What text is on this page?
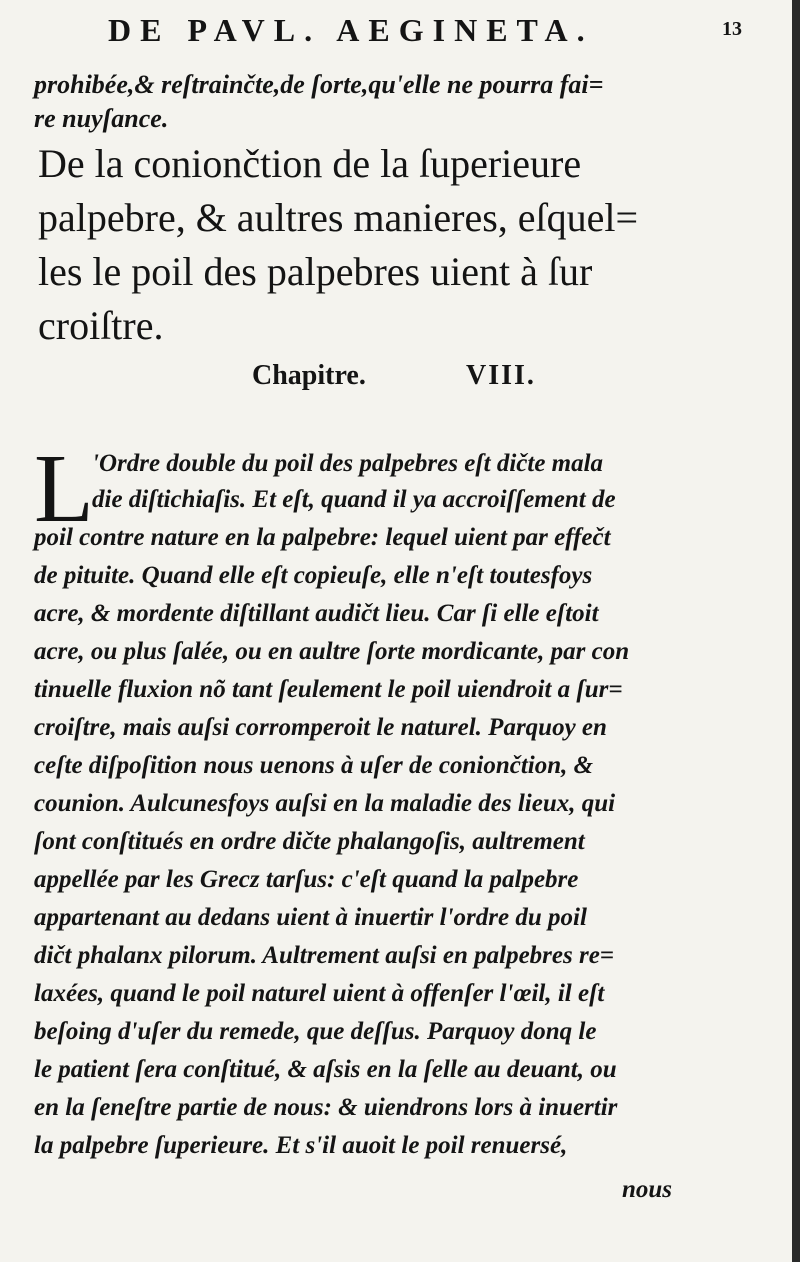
DE PAVL. AEGINETA.	13
prohibée,& reſtrainčte,de ſorte,qu'elle ne pourra fai=
re nuyſance.
De la coniončtion de la ſuperieure
palpebre, & aultres manieres, eſquel=
les le poil des palpebres uient à ſur
croiſtre.
Chapitre.	VIII.
L
'Ordre double du poil des palpebres eſt dičte mala
die diſtichiaſis. Et eſt, quand il ya accroiſſement de
poil contre nature en la palpebre: lequel uient par effečt
de pituite. Quand elle eſt copieuſe, elle n'eſt toutesfoys
acre, & mordente diſtillant audičt lieu. Car ſi elle eſtoit
acre, ou plus ſalée, ou en aultre ſorte mordicante, par con
tinuelle fluxion nõ tant ſeulement le poil uiendroit a ſur=
croiſtre, mais auſsi corromperoit le naturel. Parquoy en
ceſte diſpoſition nous uenons à uſer de coniončtion, &
counion. Aulcunesfoys auſsi en la maladie des lieux, qui
ſont conſtitués en ordre dičte phalangoſis, aultrement
appellée par les Grecz tarſus: c'eſt quand la palpebre
appartenant au dedans uient à inuertir l'ordre du poil
dičt phalanx pilorum. Aultrement auſsi en palpebres re=
laxées, quand le poil naturel uient à offenſer l'œil, il eſt
beſoing d'uſer du remede, que deſſus. Parquoy donq le
le patient ſera conſtitué, & aſsis en la ſelle au deuant, ou
en la ſeneſtre partie de nous: & uiendrons lors à inuertir
la palpebre ſuperieure. Et s'il auoit le poil renuersé,
nous
